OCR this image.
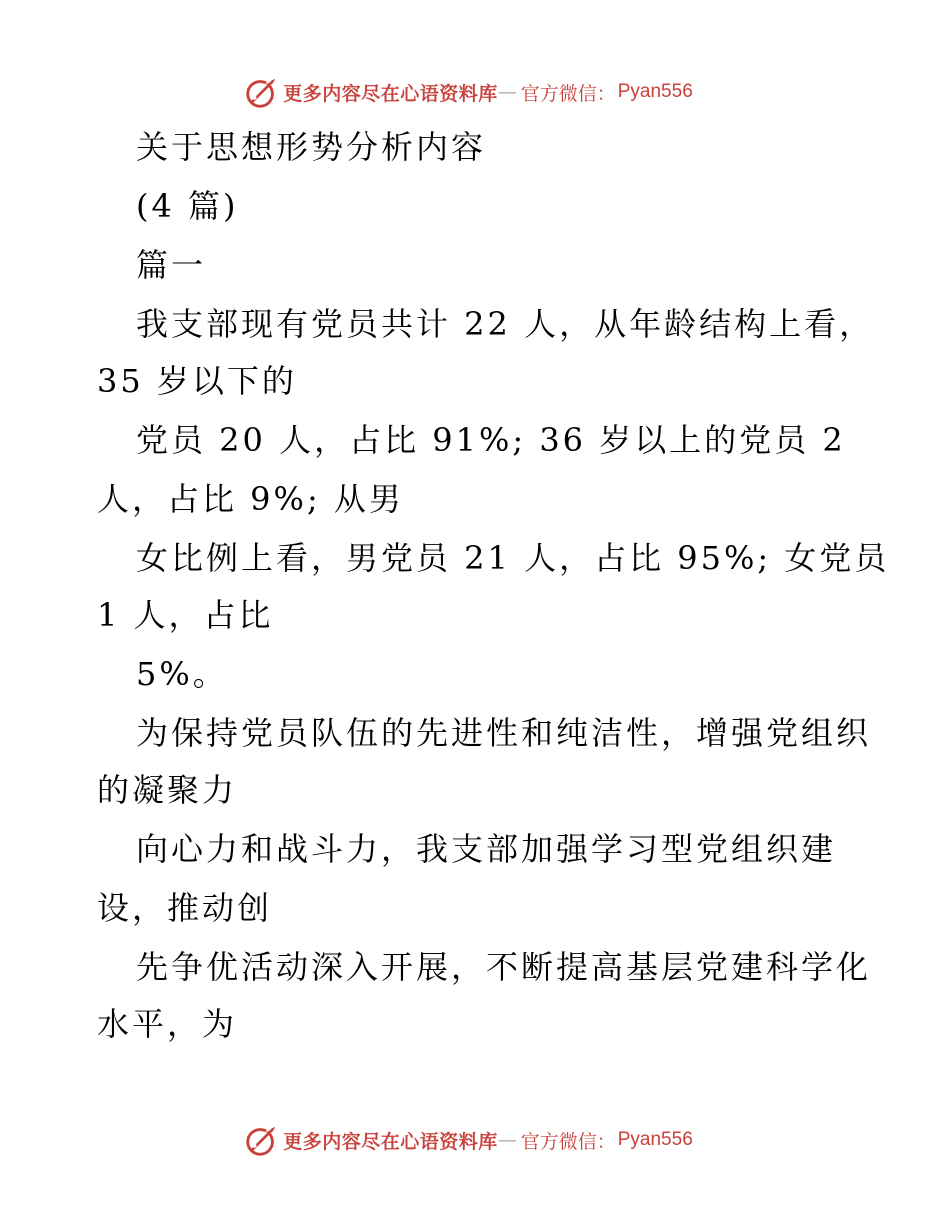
更多内容尽在心语资料库 — 官方微信： Pyan556
关于思想形势分析内容
(4 篇)
篇一
我支部现有党员共计 22 人，从年龄结构上看，
35 岁以下的
党员 20 人，占比 91%; 36 岁以上的党员 2
人，占比 9%; 从男
女比例上看，男党员 21 人，占比 95%; 女党员
1 人，占比
5%。
为保持党员队伍的先进性和纯洁性，增强党组织
的凝聚力
向心力和战斗力，我支部加强学习型党组织建
设，推动创
先争优活动深入开展，不断提高基层党建科学化
水平，为
更多内容尽在心语资料库 — 官方微信： Pyan556
